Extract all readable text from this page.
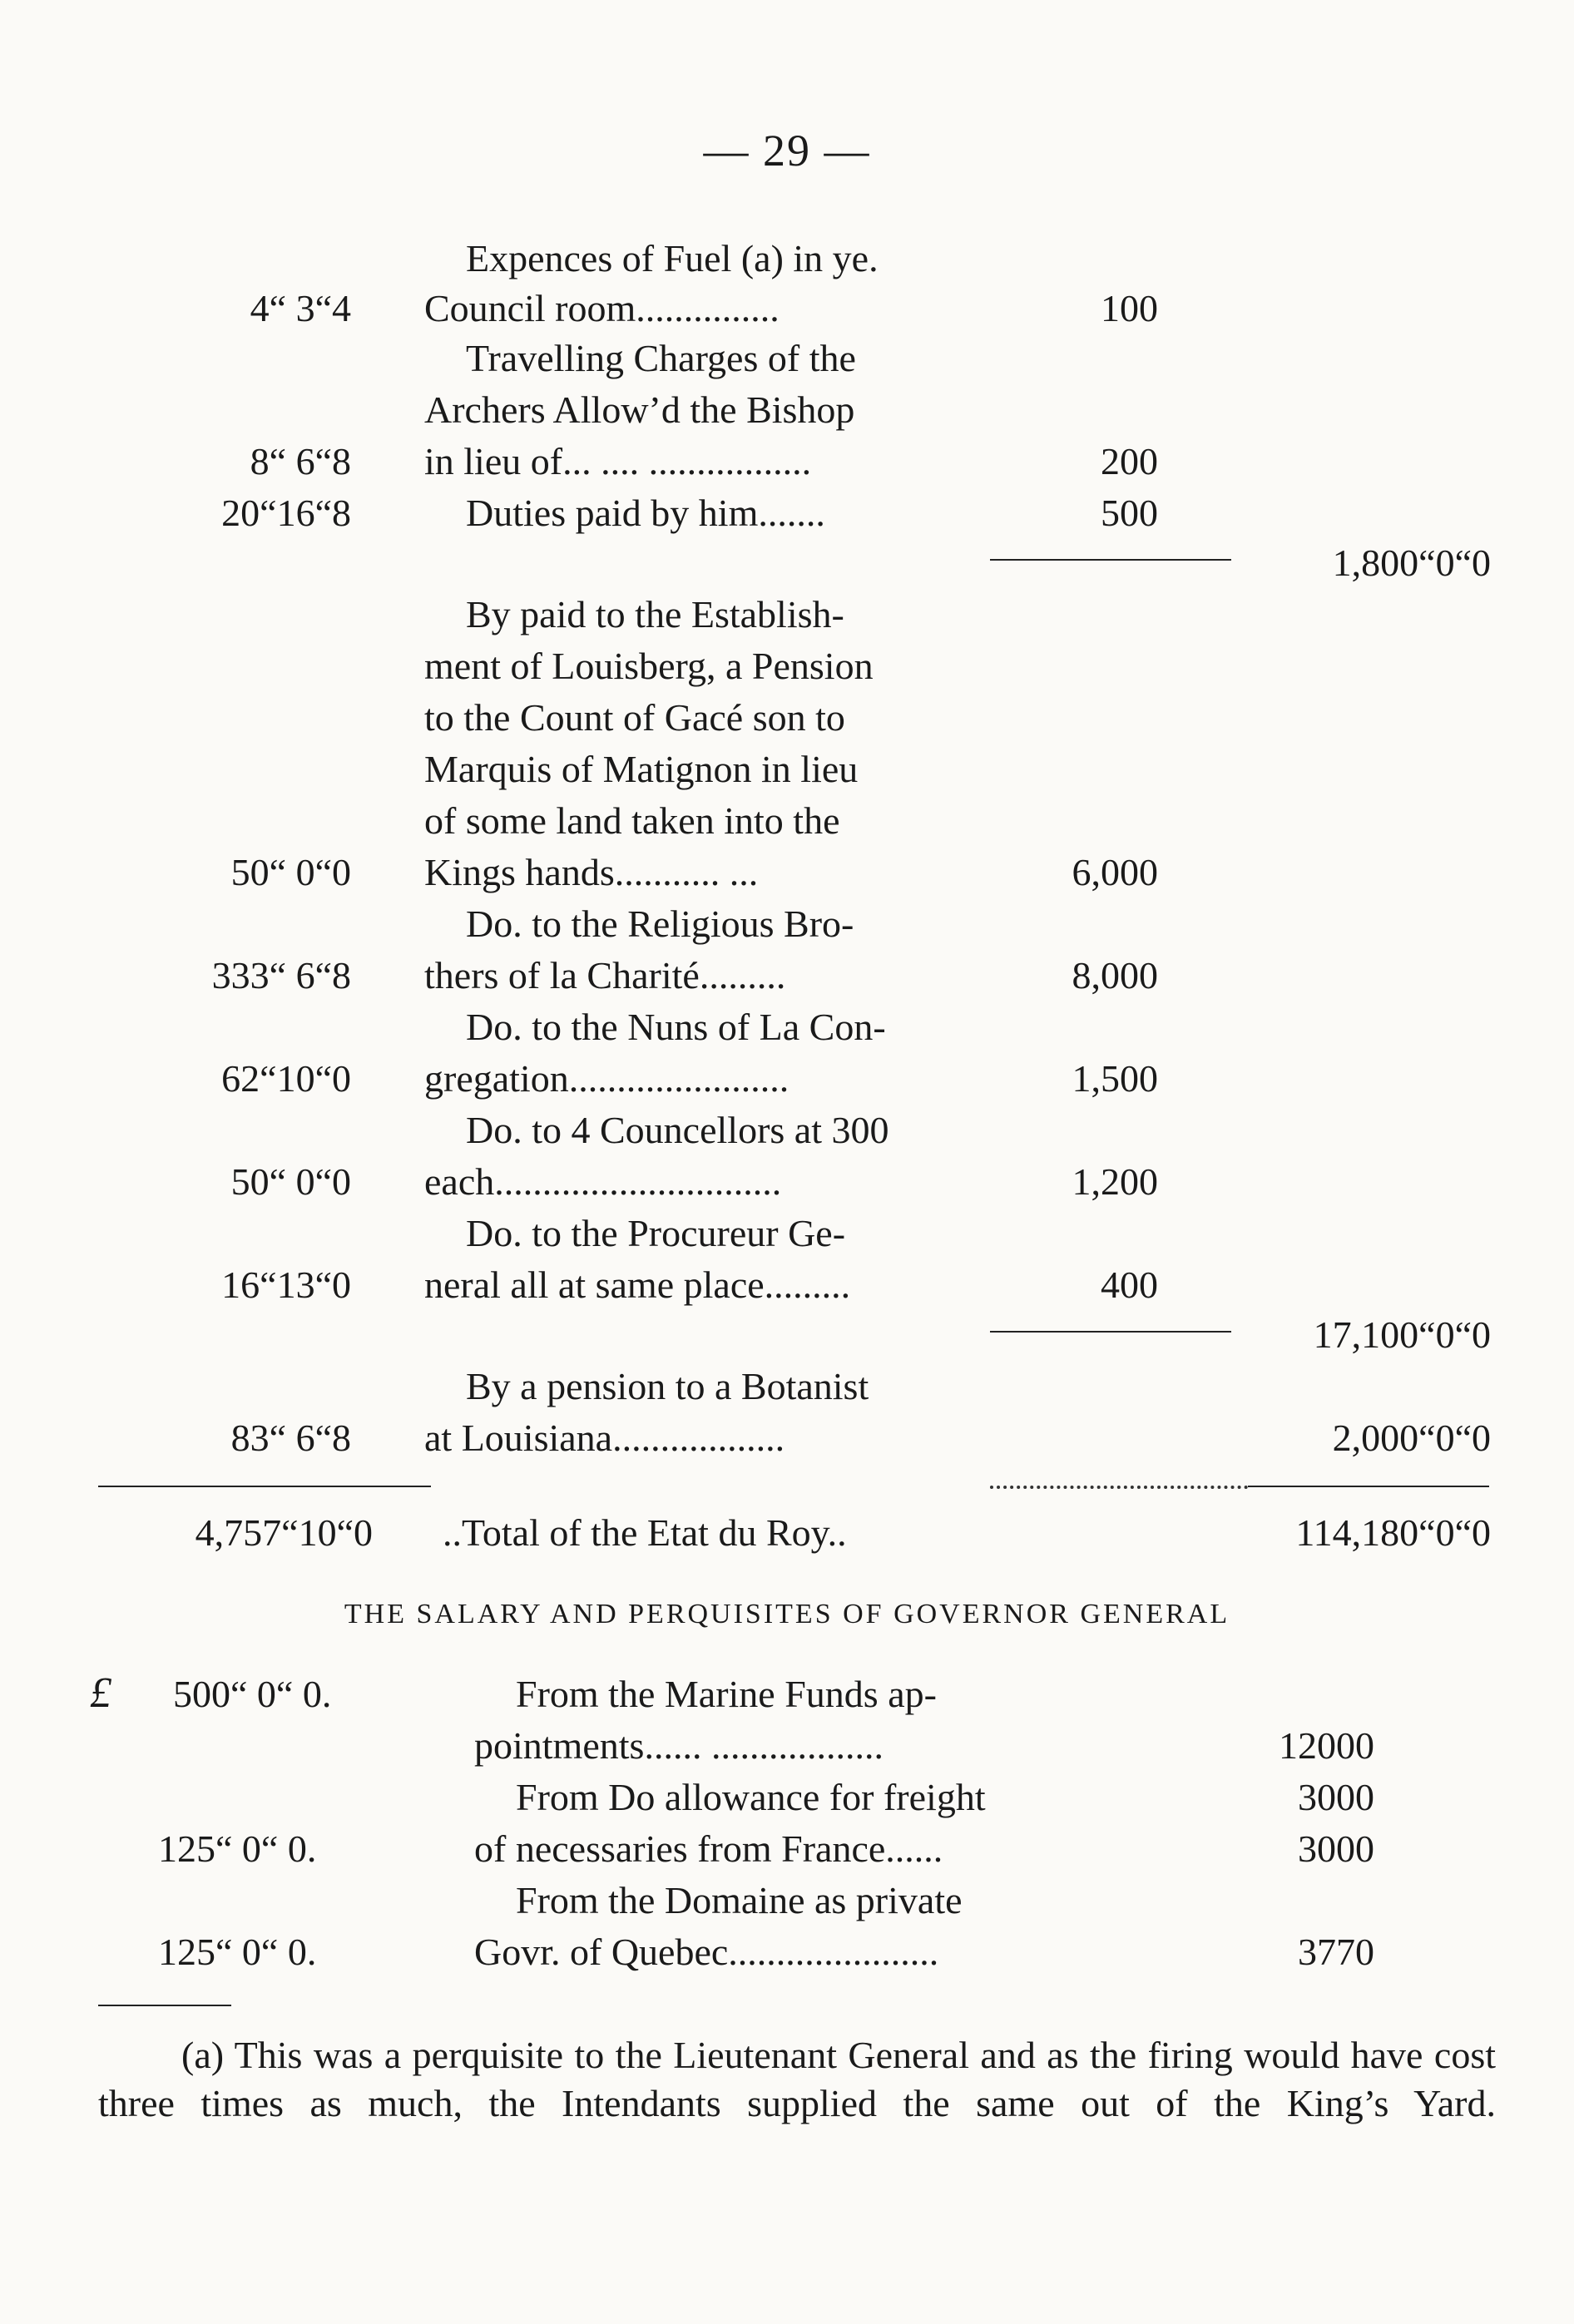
— 29 —
Expences of Fuel (a) in ye.
4“ 3“4 Council room...............	100
Travelling Charges of the
Archers Allow’d the Bishop
8“ 6“8 in lieu of... .... .................	200
20“16“8	Duties paid by him.......	500
1,800“0“0
By paid to the Establish-
ment of Louisberg, a Pension
to the Count of Gacé son to
Marquis of Matignon in lieu
of some land taken into the
50“ 0“0 Kings hands........... ...	6,000
Do. to the Religious Bro-
333“ 6“8 thers of la Charité.........	8,000
Do. to the Nuns of La Con-
62“10“0 gregation.......................	1,500
Do. to 4 Councellors at 300
50“ 0“0 each..............................	1,200
Do. to the Procureur Ge-
16“13“0 neral all at same place.........	400
17,100“0“0
By a pension to a Botanist
83“ 6“8 at Louisiana..................	2,000“0“0
4,757“10“0 ..Total of the Etat du Roy..	114,180“0“0
THE SALARY AND PERQUISITES OF GOVERNOR GENERAL
£ 500“ 0“ 0.	From the Marine Funds ap-
pointments...... ..................	12000
From Do allowance for freight	3000
125“ 0“ 0.	of necessaries from France......	3000
From the Domaine as private
125“ 0“ 0.	Govr. of Quebec......................	3770
(a) This was a perquisite to the Lieutenant General and as the firing would have cost three times as much, the Intendants supplied the same out of the King’s Yard.
